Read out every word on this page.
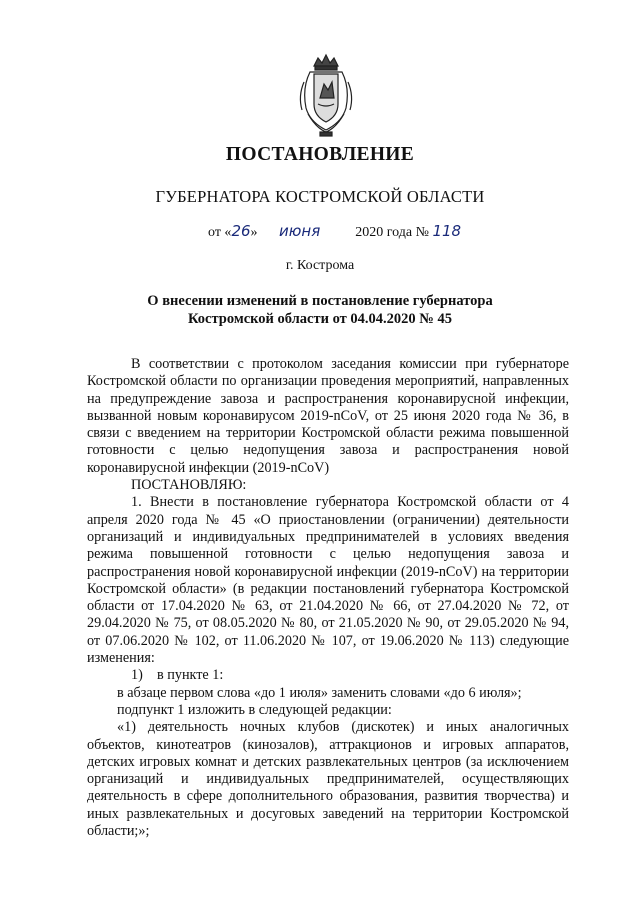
ПОСТАНОВЛЕНИЕ
ГУБЕРНАТОРА КОСТРОМСКОЙ ОБЛАСТИ
от «26» июня	2020 года № 118
г. Кострома
О внесении изменений в постановление губернатора
Костромской области от 04.04.2020 № 45

В соответствии с протоколом заседания комиссии при губернаторе Костромской области по организации проведения мероприятий, направленных на предупреждение завоза и распространения коронавирусной инфекции, вызванной новым коронавирусом 2019-nCoV, от 25 июня 2020 года № 36, в связи с введением на территории Костромской области режима повышенной готовности с целью недопущения завоза и распространения новой коронавирусной инфекции (2019-nCoV)

ПОСТАНОВЛЯЮ:

1. Внести в постановление губернатора Костромской области от 4 апреля 2020 года № 45 «О приостановлении (ограничении) деятельности организаций и индивидуальных предпринимателей в условиях введения режима повышенной готовности с целью недопущения завоза и распространения новой коронавирусной инфекции (2019-nCoV) на территории Костромской области» (в редакции постановлений губернатора Костромской области от 17.04.2020 № 63, от 21.04.2020 № 66, от 27.04.2020 № 72, от 29.04.2020 № 75, от 08.05.2020 № 80, от 21.05.2020 № 90, от 29.05.2020 № 94, от 07.06.2020 № 102, от 11.06.2020 № 107, от 19.06.2020 № 113) следующие изменения:

1)    в пункте 1:

в абзаце первом слова «до 1 июля» заменить словами «до 6 июля»;

подпункт 1 изложить в следующей редакции:

«1) деятельность ночных клубов (дискотек) и иных аналогичных объектов, кинотеатров (кинозалов), аттракционов и игровых аппаратов, детских игровых комнат и детских развлекательных центров (за исключением организаций и индивидуальных предпринимателей, осуществляющих деятельность в сфере дополнительного образования, развития творчества) и иных развлекательных и досуговых заведений на территории Костромской области;»;
